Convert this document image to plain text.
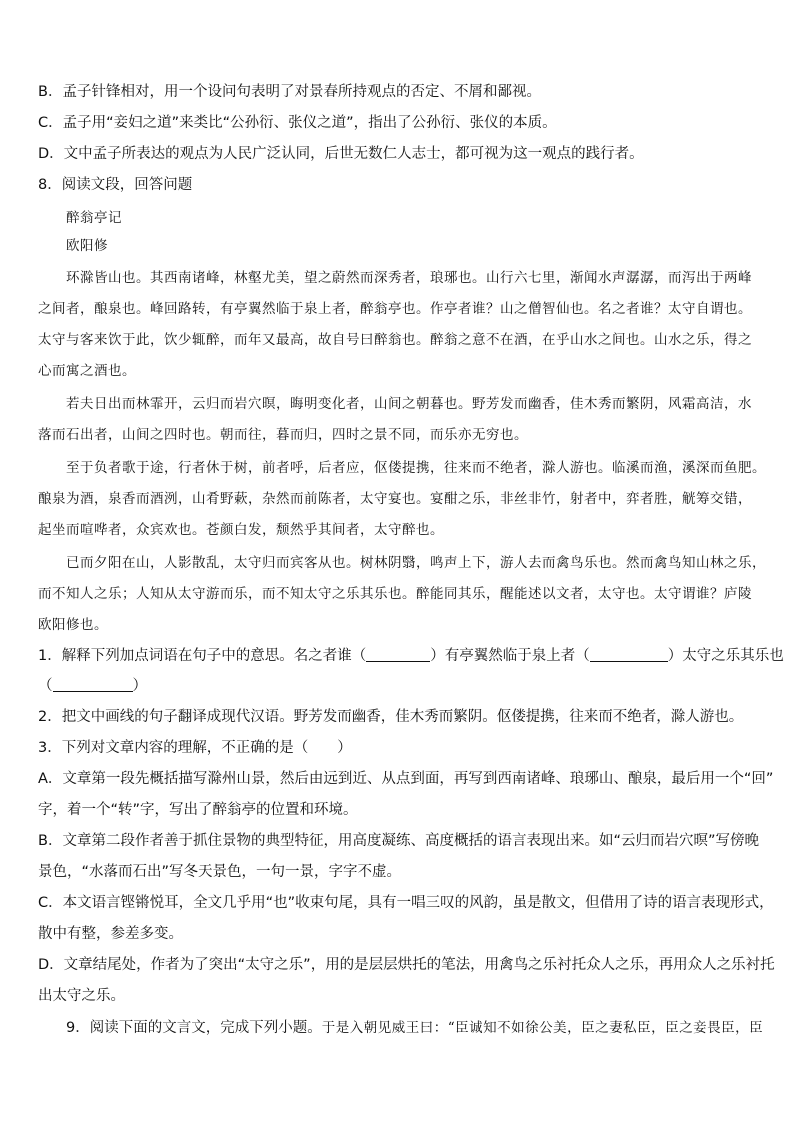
B．孟子针锋相对，用一个设问句表明了对景春所持观点的否定、不屑和鄙视。
C．孟子用“妾妇之道”来类比“公孙衍、张仪之道”，指出了公孙衍、张仪的本质。
D．文中孟子所表达的观点为人民广泛认同，后世无数仁人志士，都可视为这一观点的践行者。
8．阅读文段，回答问题
醉翁亭记
欧阳修
环滁皆山也。其西南诸峰，林壑尤美，望之蔚然而深秀者，琅琊也。山行六七里，渐闻水声潺潺，而泻出于两峰
之间者，酿泉也。峰回路转，有亭翼然临于泉上者，醉翁亭也。作亭者谁？山之僧智仙也。名之者谁？太守自谓也。
太守与客来饮于此，饮少辄醉，而年又最高，故自号曰醉翁也。醉翁之意不在酒，在乎山水之间也。山水之乐，得之
心而寓之酒也。
若夫日出而林霏开，云归而岩穴暝，晦明变化者，山间之朝暮也。野芳发而幽香，佳木秀而繁阴，风霜高洁，水
落而石出者，山间之四时也。朝而往，暮而归，四时之景不同，而乐亦无穷也。
至于负者歌于途，行者休于树，前者呼，后者应，伛偻提携，往来而不绝者，滁人游也。临溪而渔，溪深而鱼肥。
酿泉为酒，泉香而酒洌，山肴野蔌，杂然而前陈者，太守宴也。宴酣之乐，非丝非竹，射者中，弈者胜，觥筹交错，
起坐而喧哗者，众宾欢也。苍颜白发，颓然乎其间者，太守醉也。
已而夕阳在山，人影散乱，太守归而宾客从也。树林阴翳，鸣声上下，游人去而禽鸟乐也。然而禽鸟知山林之乐，
而不知人之乐；人知从太守游而乐，而不知太守之乐其乐也。醉能同其乐，醒能述以文者，太守也。太守谓谁？庐陵
欧阳修也。
1．解释下列加点词语在句子中的意思。名之者谁（	）有亭翼然临于泉上者（	）太守之乐其乐也
（	）
2．把文中画线的句子翻译成现代汉语。野芳发而幽香，佳木秀而繁阴。伛偻提携，往来而不绝者，滁人游也。
3．下列对文章内容的理解，不正确的是（　　）
A．文章第一段先概括描写滁州山景，然后由远到近、从点到面，再写到西南诸峰、琅琊山、酿泉，最后用一个“回”
字，着一个“转”字，写出了醉翁亭的位置和环境。
B．文章第二段作者善于抓住景物的典型特征，用高度凝练、高度概括的语言表现出来。如“云归而岩穴暝”写傍晚
景色，“水落而石出”写冬天景色，一句一景，字字不虚。
C．本文语言铿锵悦耳，全文几乎用“也”收束句尾，具有一唱三叹的风韵，虽是散文，但借用了诗的语言表现形式，
散中有整，参差多变。
D．文章结尾处，作者为了突出“太守之乐”，用的是层层烘托的笔法，用禽鸟之乐衬托众人之乐，再用众人之乐衬托
出太守之乐。
9．阅读下面的文言文，完成下列小题。于是入朝见威王曰：“臣诚知不如徐公美，臣之妻私臣，臣之妾畏臣，臣
